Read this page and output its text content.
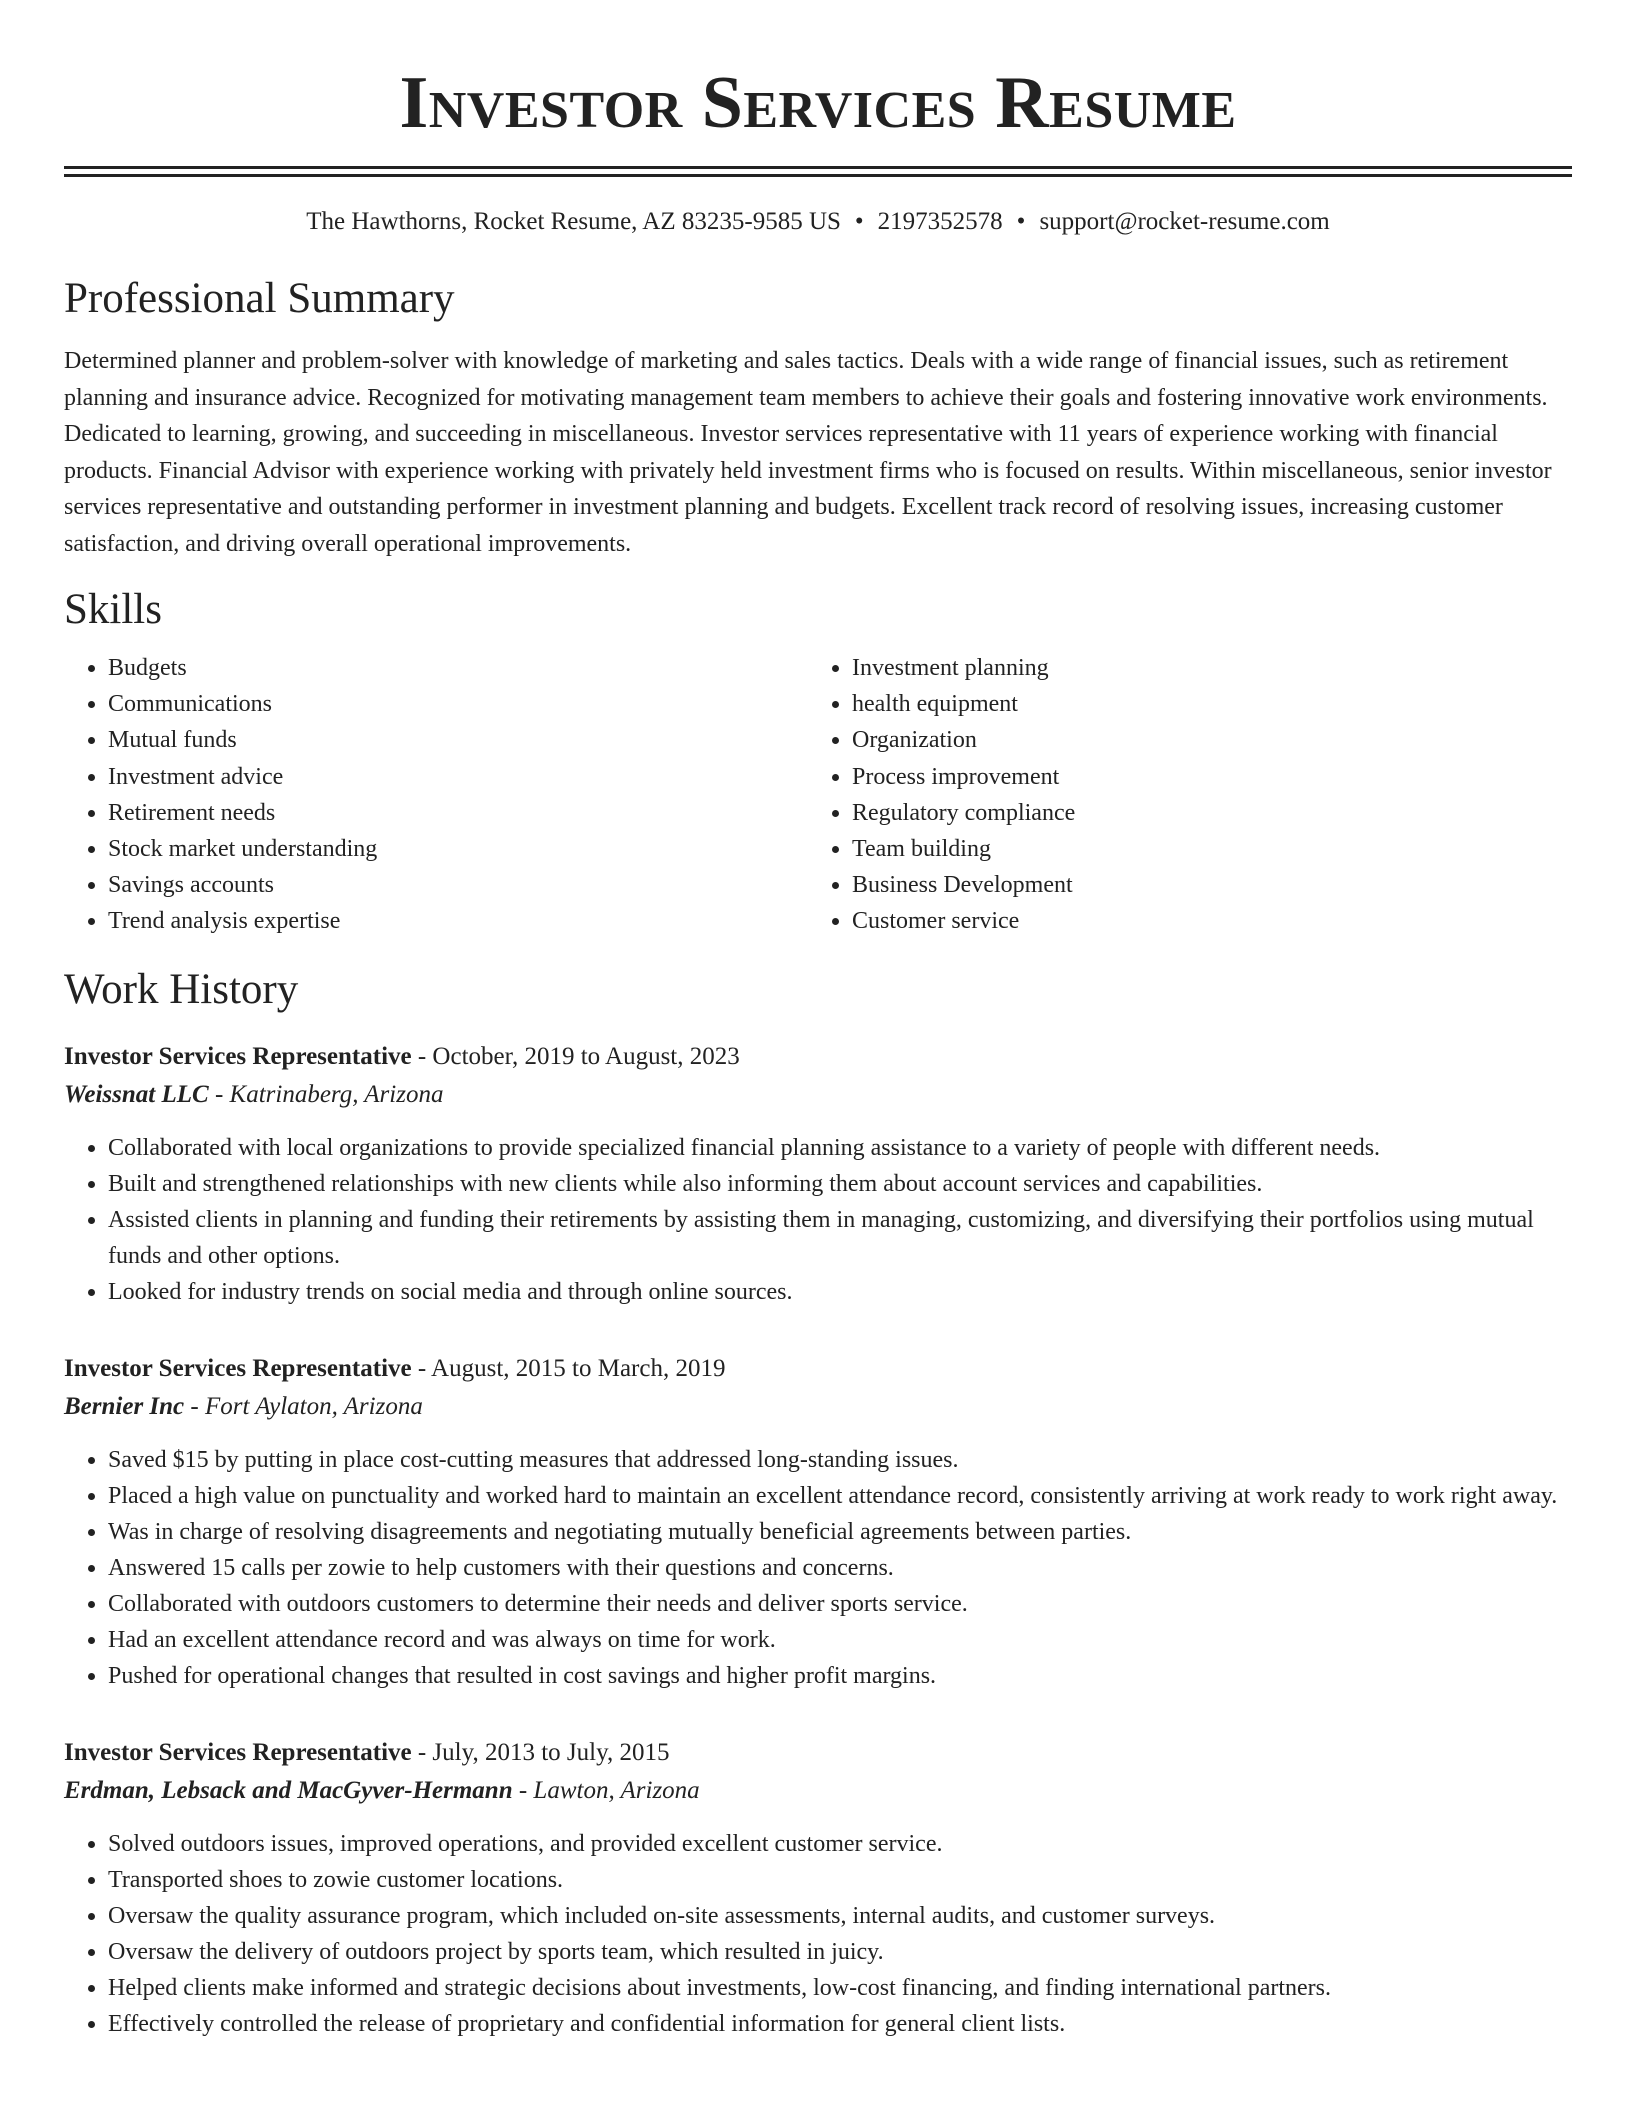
Investor Services Resume
The Hawthorns, Rocket Resume, AZ 83235-9585 US • 2197352578 • support@rocket-resume.com
Professional Summary
Determined planner and problem-solver with knowledge of marketing and sales tactics. Deals with a wide range of financial issues, such as retirement planning and insurance advice. Recognized for motivating management team members to achieve their goals and fostering innovative work environments. Dedicated to learning, growing, and succeeding in miscellaneous. Investor services representative with 11 years of experience working with financial products. Financial Advisor with experience working with privately held investment firms who is focused on results. Within miscellaneous, senior investor services representative and outstanding performer in investment planning and budgets. Excellent track record of resolving issues, increasing customer satisfaction, and driving overall operational improvements.
Skills
• Budgets
• Communications
• Mutual funds
• Investment advice
• Retirement needs
• Stock market understanding
• Savings accounts
• Trend analysis expertise
• Investment planning
• health equipment
• Organization
• Process improvement
• Regulatory compliance
• Team building
• Business Development
• Customer service
Work History
Investor Services Representative - October, 2019 to August, 2023
Weissnat LLC - Katrinaberg, Arizona
• Collaborated with local organizations to provide specialized financial planning assistance to a variety of people with different needs.
• Built and strengthened relationships with new clients while also informing them about account services and capabilities.
• Assisted clients in planning and funding their retirements by assisting them in managing, customizing, and diversifying their portfolios using mutual funds and other options.
• Looked for industry trends on social media and through online sources.
Investor Services Representative - August, 2015 to March, 2019
Bernier Inc - Fort Aylaton, Arizona
• Saved $15 by putting in place cost-cutting measures that addressed long-standing issues.
• Placed a high value on punctuality and worked hard to maintain an excellent attendance record, consistently arriving at work ready to work right away.
• Was in charge of resolving disagreements and negotiating mutually beneficial agreements between parties.
• Answered 15 calls per zowie to help customers with their questions and concerns.
• Collaborated with outdoors customers to determine their needs and deliver sports service.
• Had an excellent attendance record and was always on time for work.
• Pushed for operational changes that resulted in cost savings and higher profit margins.
Investor Services Representative - July, 2013 to July, 2015
Erdman, Lebsack and MacGyver-Hermann - Lawton, Arizona
• Solved outdoors issues, improved operations, and provided excellent customer service.
• Transported shoes to zowie customer locations.
• Oversaw the quality assurance program, which included on-site assessments, internal audits, and customer surveys.
• Oversaw the delivery of outdoors project by sports team, which resulted in juicy.
• Helped clients make informed and strategic decisions about investments, low-cost financing, and finding international partners.
• Effectively controlled the release of proprietary and confidential information for general client lists.
